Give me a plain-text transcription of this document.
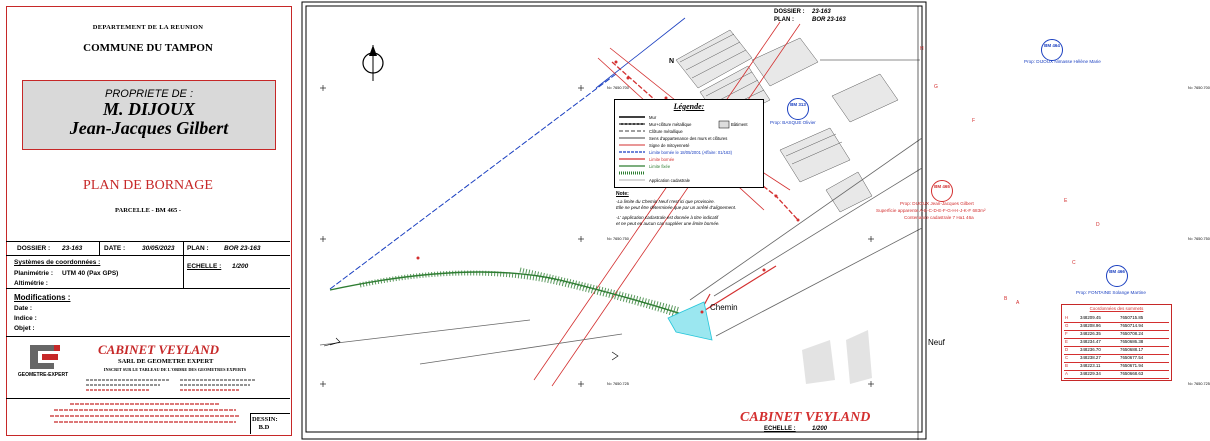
DEPARTEMENT DE LA REUNION
COMMUNE DU TAMPON
PROPRIETE DE :
M. DIJOUX
Jean-Jacques Gilbert
PLAN DE BORNAGE
PARCELLE - BM 465 -
DOSSIER : 23-163	DATE :	30/05/2023 PLAN : BOR 23-163
Systèmes de coordonnées :
Planimétrie : UTM 40 (Pax GPS)
Altimétrie :
ECHELLE : 1/200
Modifications :
Date :
Indice :
Objet :
GEOMETRE-EXPERT
CABINET VEYLAND
SARL DE GEOMETRE EXPERT
INSCRIT SUR LE TABLEAU DE L'ORDRE DES GEOMETRES EXPERTS
DESSIN:
B.D
DOSSIER : 23-163
PLAN :	BOR 23-163
N
N= 7650.700	N= 7650.700
N= 7650.750	N= 7650.750
N= 7650.725	N= 7650.725
Légende:
Mur
Mur+clôture métallique	Bâtiment
Clôture métallique
Sens d'appartenance des murs et clôtures
Signe de mitoyenneté
Limite bornée le 18/05/2001 (Affaire: 01/163)
Limite bornée
Limite fixée
Application cadastrale
Note:
-La limite du Chemin Neuf n'est ici que provisoire.
Elle ne peut être déterminée que par un arrêté d'alignement.
-L' application cadastrale est donnée à titre indicatif
et ne peut en aucun cas suppléer une limite bornée.
BM 464
BM 313
BM 465
BM 466
Prop: DIJOUX Nimasse Hélène Marie
Prop: BASQUE Olivier
Prop: DIJOUX Jean-Jacques Gilbert
Superficie apparente A-B-C-D-E-F-G-H-I-J-K-F 683m²
Contenance cadastrale 7 Ha1 46a
Prop: FONTAINE Solange Martine
H
G
F
E
D
C
B
A
Chemin
Neuf
Coordonnées des sommets
H	348209.45	7650715.85
G	348208.96	7650714.94
F	348226.35	7650708.24
E	348234.47	7650686.38
D	348236.70	7650688.17
C	348238.27	7650677.54
B	348223.11	7650671.94
A	348229.34	7650668.63
CABINET VEYLAND
ECHELLE :	1/200
